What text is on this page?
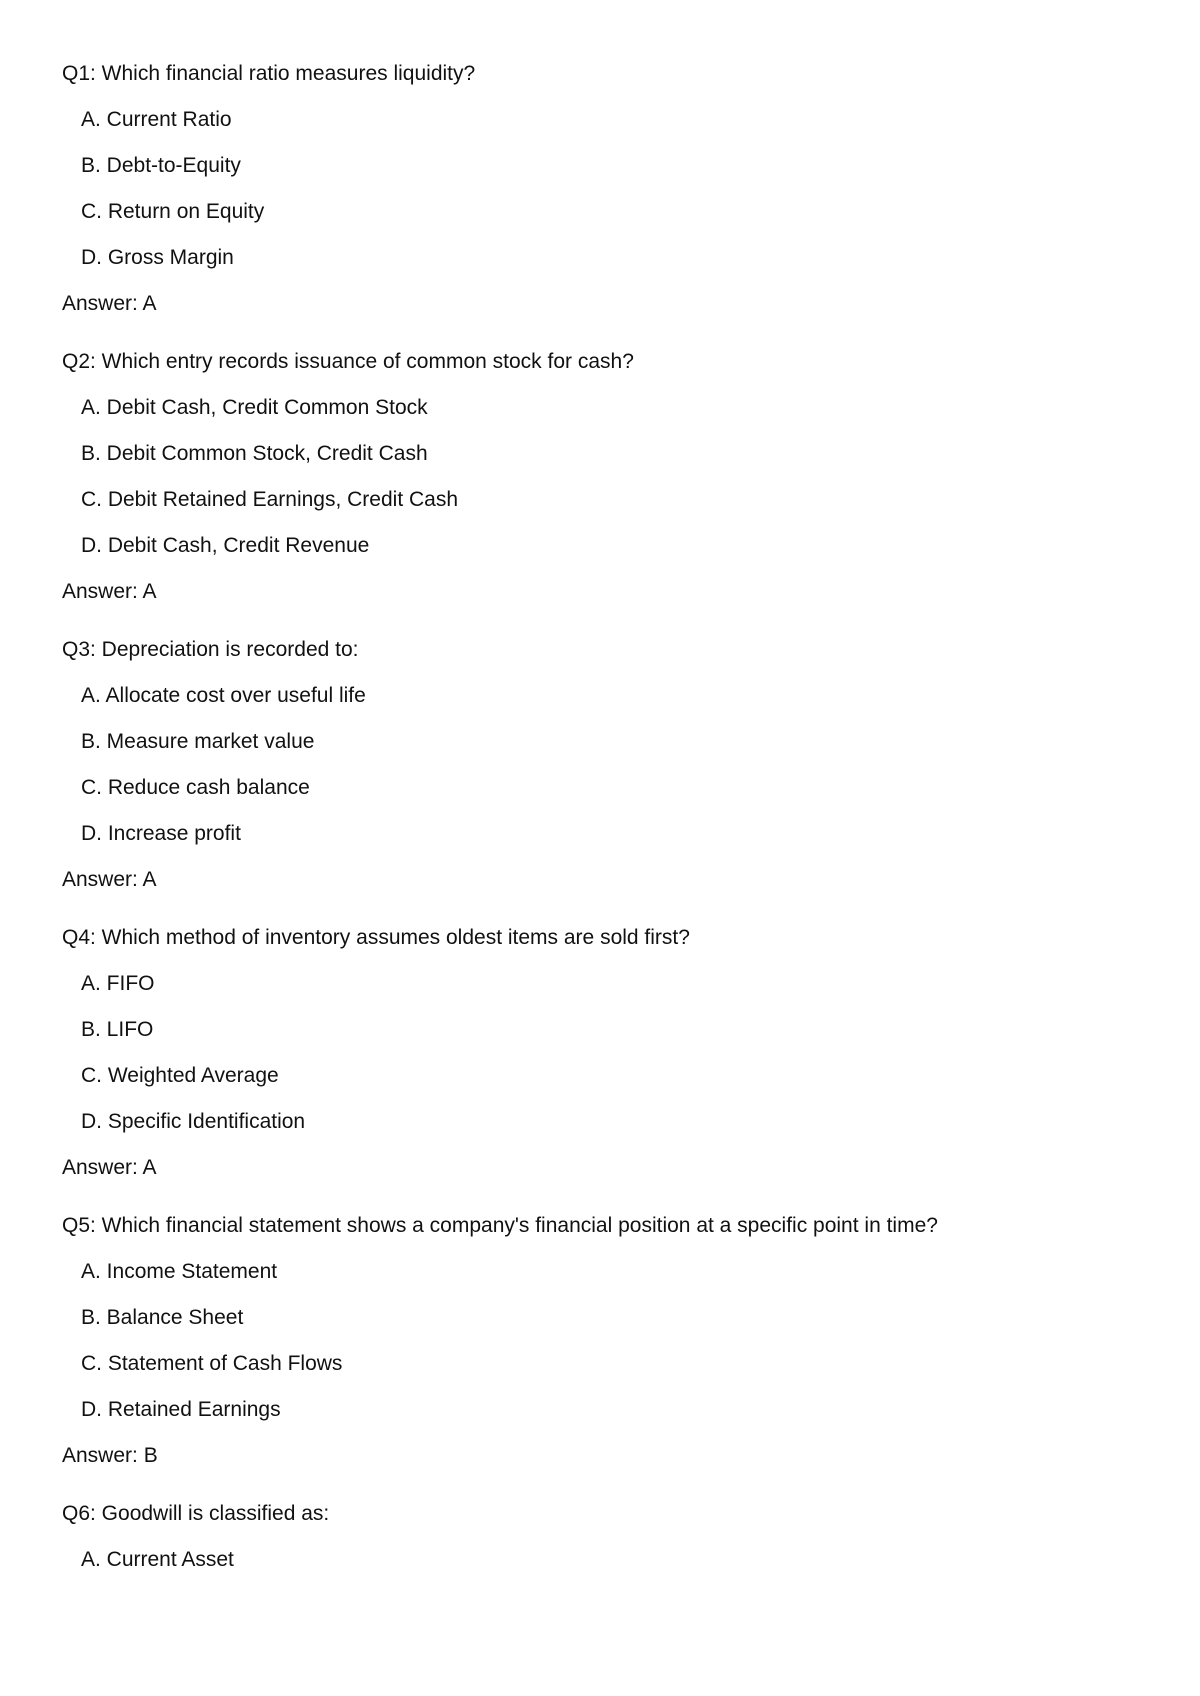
Q1: Which financial ratio measures liquidity?
A. Current Ratio
B. Debt-to-Equity
C. Return on Equity
D. Gross Margin
Answer: A
Q2: Which entry records issuance of common stock for cash?
A. Debit Cash, Credit Common Stock
B. Debit Common Stock, Credit Cash
C. Debit Retained Earnings, Credit Cash
D. Debit Cash, Credit Revenue
Answer: A
Q3: Depreciation is recorded to:
A. Allocate cost over useful life
B. Measure market value
C. Reduce cash balance
D. Increase profit
Answer: A
Q4: Which method of inventory assumes oldest items are sold first?
A. FIFO
B. LIFO
C. Weighted Average
D. Specific Identification
Answer: A
Q5: Which financial statement shows a company's financial position at a specific point in time?
A. Income Statement
B. Balance Sheet
C. Statement of Cash Flows
D. Retained Earnings
Answer: B
Q6: Goodwill is classified as:
A. Current Asset
